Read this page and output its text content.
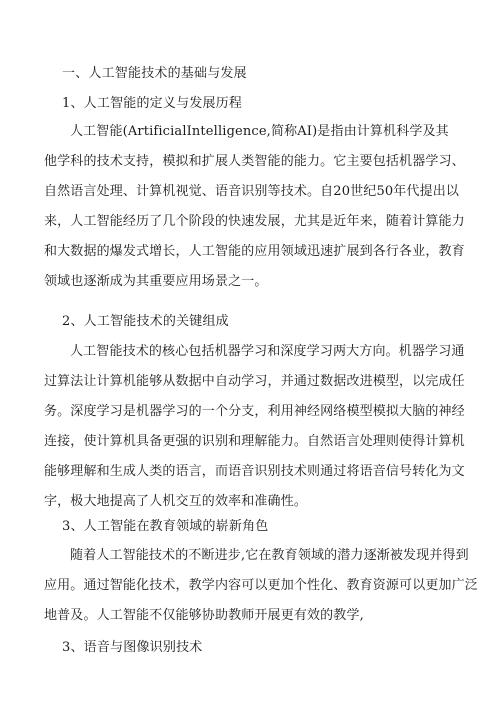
一、人工智能技术的基础与发展
1、人工智能的定义与发展历程
人工智能(ArtificialIntelligence,简称AI)是指由计算机科学及其
他学科的技术支持，模拟和扩展人类智能的能力。它主要包括机器学习、
自然语言处理、计算机视觉、语音识别等技术。自20世纪50年代提出以
来，人工智能经历了几个阶段的快速发展，尤其是近年来，随着计算能力
和大数据的爆发式增长，人工智能的应用领域迅速扩展到各行各业，教育
领域也逐渐成为其重要应用场景之一。
2、人工智能技术的关键组成
人工智能技术的核心包括机器学习和深度学习两大方向。机器学习通
过算法让计算机能够从数据中自动学习，并通过数据改进模型，以完成任
务。深度学习是机器学习的一个分支，利用神经网络模型模拟大脑的神经
连接，使计算机具备更强的识别和理解能力。自然语言处理则使得计算机
能够理解和生成人类的语言，而语音识别技术则通过将语音信号转化为文
字，极大地提高了人机交互的效率和准确性。
3、人工智能在教育领域的崭新角色
随着人工智能技术的不断进步,它在教育领域的潜力逐渐被发现并得到
应用。通过智能化技术，教学内容可以更加个性化、教育资源可以更加广泛
地普及。人工智能不仅能够协助教师开展更有效的教学,
3、语音与图像识别技术
